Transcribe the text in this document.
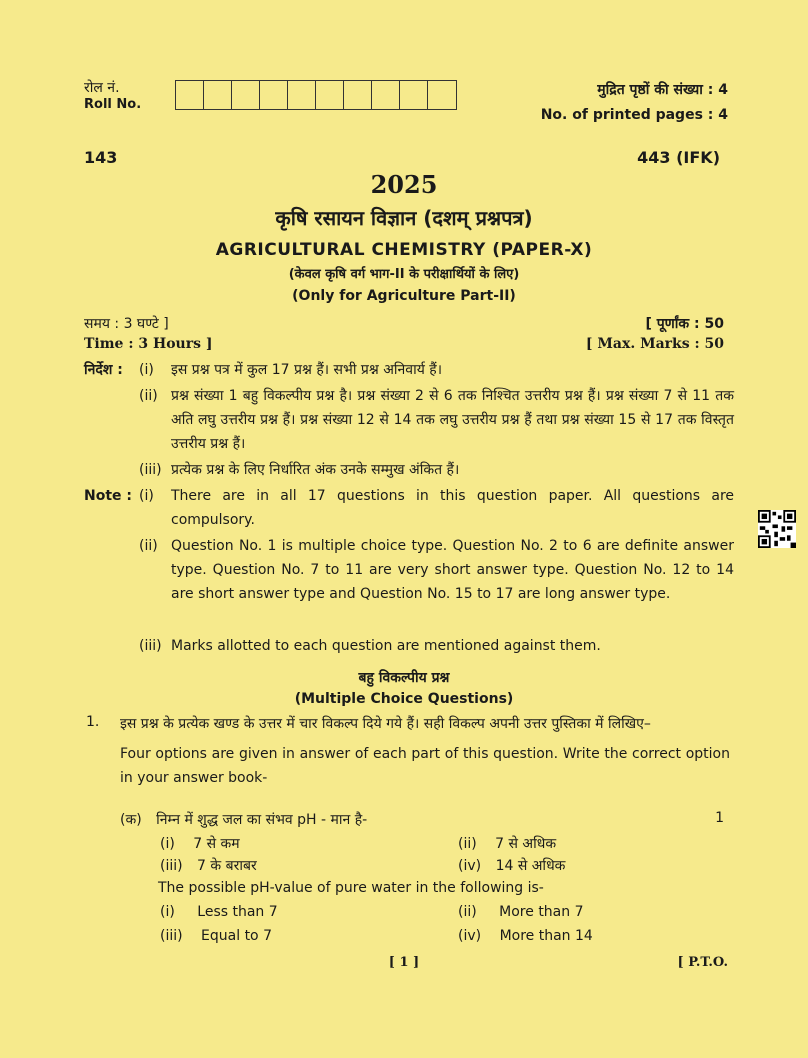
रोल नं.
Roll No.
मुद्रित पृष्ठों की संख्या : 4
No. of printed pages : 4
143	443 (IFK)
2025
कृषि रसायन विज्ञान (दशम् प्रश्नपत्र)
AGRICULTURAL CHEMISTRY (PAPER-X)
(केवल कृषि वर्ग भाग-II के परीक्षार्थियों के लिए)
(Only for Agriculture Part-II)
समय : 3 घण्टे ]
Time : 3 Hours ]
[ पूर्णांक : 50
[ Max. Marks : 50
निर्देश : (i) इस प्रश्न पत्र में कुल 17 प्रश्न हैं। सभी प्रश्न अनिवार्य हैं।
(ii) प्रश्न संख्या 1 बहु विकल्पीय प्रश्न है। प्रश्न संख्या 2 से 6 तक निश्चित उत्तरीय प्रश्न हैं। प्रश्न संख्या 7 से 11 तक अति लघु उत्तरीय प्रश्न हैं। प्रश्न संख्या 12 से 14 तक लघु उत्तरीय प्रश्न हैं तथा प्रश्न संख्या 15 से 17 तक विस्तृत उत्तरीय प्रश्न हैं।
(iii) प्रत्येक प्रश्न के लिए निर्धारित अंक उनके सम्मुख अंकित हैं।
Note : (i) There are in all 17 questions in this question paper. All questions are compulsory.
(ii) Question No. 1 is multiple choice type. Question No. 2 to 6 are definite answer type. Question No. 7 to 11 are very short answer type. Question No. 12 to 14 are short answer type and Question No. 15 to 17 are long answer type.
(iii) Marks allotted to each question are mentioned against them.
बहु विकल्पीय प्रश्न
(Multiple Choice Questions)
1. इस प्रश्न के प्रत्येक खण्ड के उत्तर में चार विकल्प दिये गये हैं। सही विकल्प अपनी उत्तर पुस्तिका में लिखिए–
Four options are given in answer of each part of this question. Write the correct option in your answer book-
(क) निम्न में शुद्ध जल का संभव pH - मान है-	1
(i) 7 से कम	(ii) 7 से अधिक
(iii) 7 के बराबर	(iv) 14 से अधिक
The possible pH-value of pure water in the following is-
(i) Less than 7	(ii) More than 7
(iii) Equal to 7	(iv) More than 14
[ 1 ]	[ P.T.O.
